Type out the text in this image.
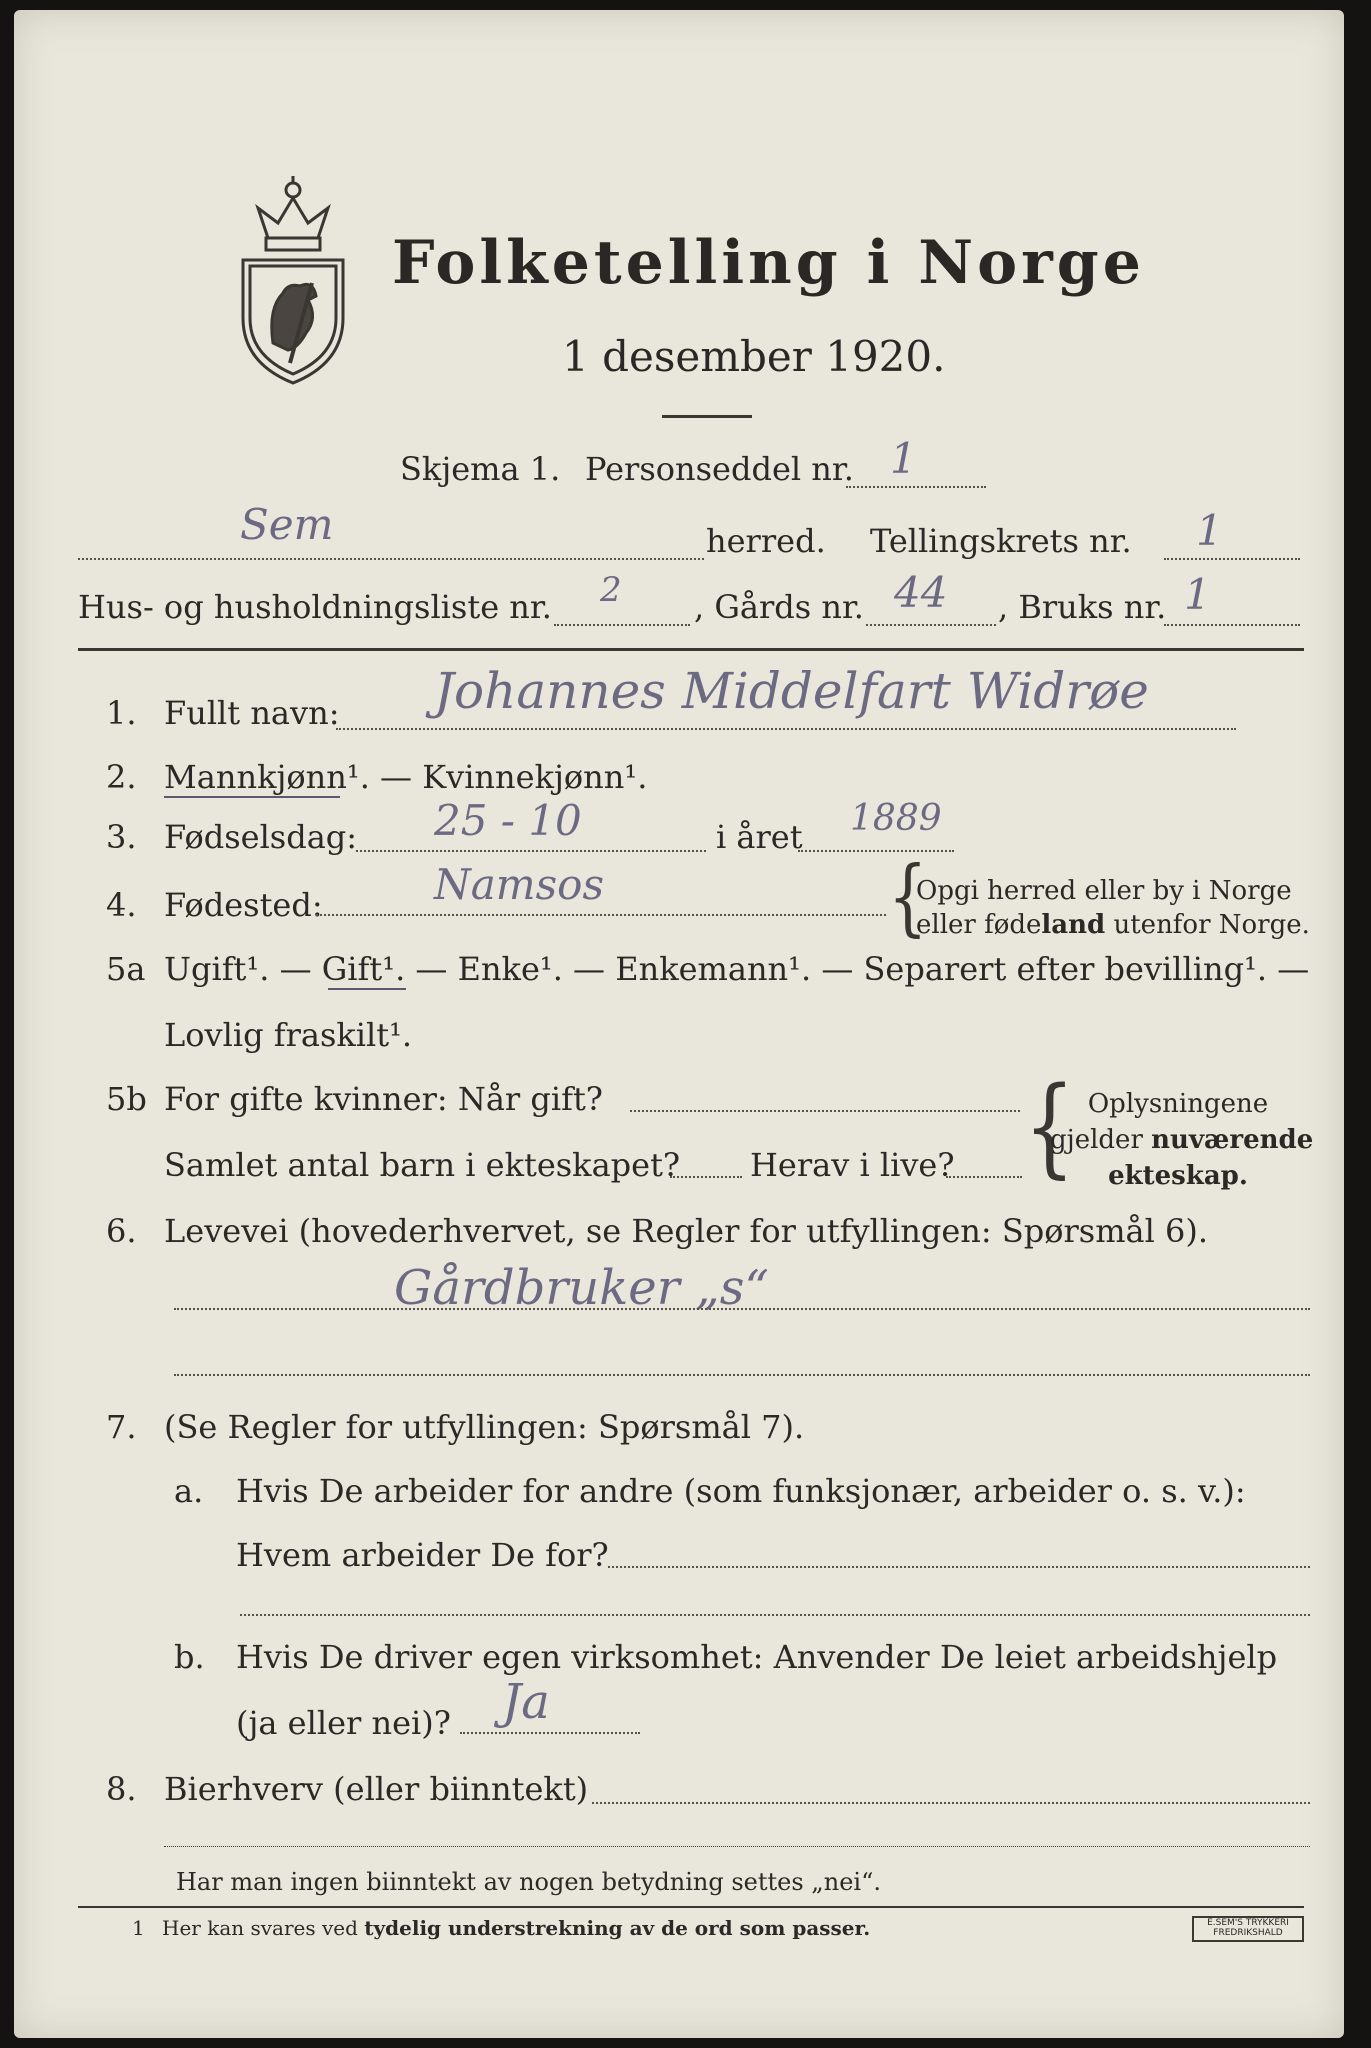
Folketelling i Norge
1 desember 1920.
Skjema 1. Personseddel nr. 1
Sem	herred. Tellingskrets nr. 1
Hus- og husholdningsliste nr. 2 , Gårds nr. 44 , Bruks nr. 1
1. Fullt navn: Johannes Middelfart Widrøe
2. Mannkjønn¹. — Kvinnekjønn¹.
3. Fødselsdag: 25 - 10	i året 1889
4. Fødested:	Namsos	{
Opgi herred eller by i Norge
eller fødeland utenfor Norge.
5a Ugift¹. — Gift¹. — Enke¹. — Enkemann¹. — Separert efter bevilling¹. —
Lovlig fraskilt¹.
5b For gifte kvinner: Når gift?
Samlet antal barn i ekteskapet? Herav i live? { Oplysningene
gjelder nuværende
ekteskap.
6. Levevei (hovederhvervet, se Regler for utfyllingen: Spørsmål 6).
Gårdbruker „s“
7. (Se Regler for utfyllingen: Spørsmål 7).
a. Hvis De arbeider for andre (som funksjonær, arbeider o. s. v.):
Hvem arbeider De for?
b. Hvis De driver egen virksomhet: Anvender De leiet arbeidshjelp
(ja eller nei)? Ja
8. Bierhverv (eller biinntekt)
Har man ingen biinntekt av nogen betydning settes „nei“.
1 Her kan svares ved tydelig understrekning av de ord som passer.	E.SEM'S TRYKKERI FREDRIKSHALD
